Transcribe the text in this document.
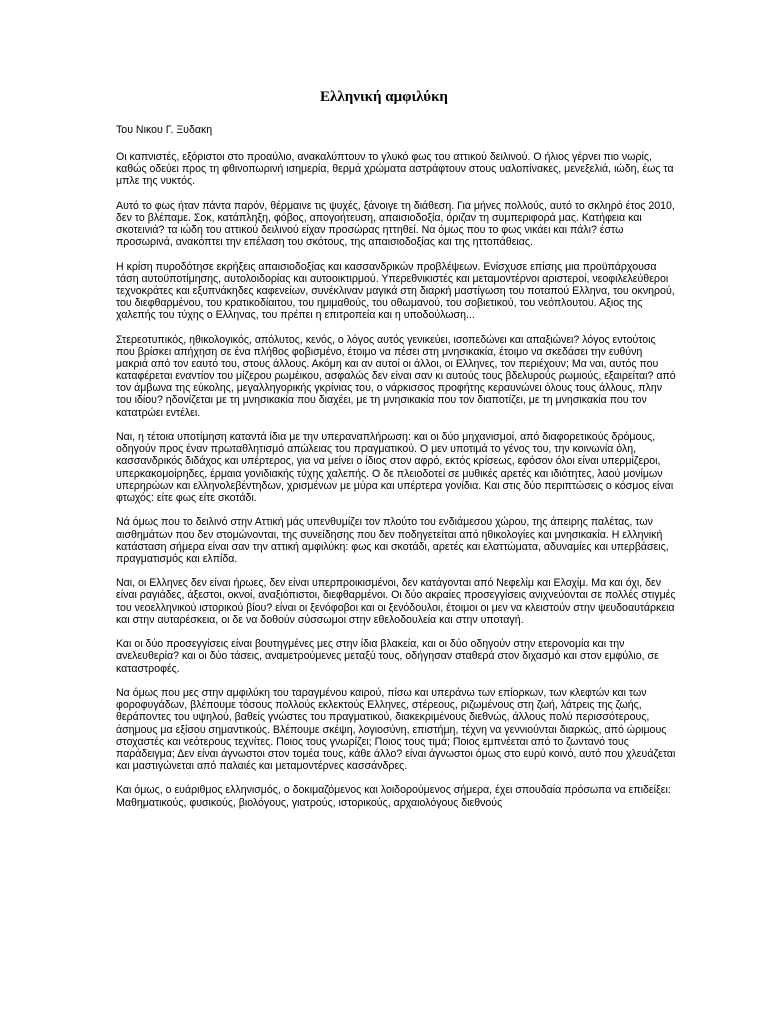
Ελληνική αμφιλύκη

Του Νικου Γ. Ξυδακη

Οι καπνιστές, εξόριστοι στο προαύλιο, ανακαλύπτουν το γλυκό φως του αττικού δειλινού. Ο ήλιος γέρνει πιο νωρίς, καθώς οδεύει προς τη φθινοπωρινή ισημερία, θερμά χρώματα αστράφτουν στους υαλοπίνακες, μενεξελιά, ιώδη, έως τα μπλε της νυκτός.

Αυτό το φως ήταν πάντα παρόν, θέρμαινε τις ψυχές, ξάνοιγε τη διάθεση. Για μήνες πολλούς, αυτό το σκληρό έτος 2010, δεν το βλέπαμε. Σοκ, κατάπληξη, φόβος, απογοήτευση, απαισιοδοξία, όριζαν τη συμπεριφορά μας. Κατήφεια και σκοτεινιά? τα ιώδη του αττικού δειλινού είχαν προσώρας ηττηθεί. Να όμως που το φως νικάει και πάλι? έστω προσωρινά, ανακόπτει την επέλαση του σκότους, της απαισιοδοξίας και της ηττοπάθειας.

Η κρίση πυροδότησε εκρήξεις απαισιοδοξίας και κασσανδρικών προβλέψεων. Ενίσχυσε επίσης μια προϋπάρχουσα τάση αυτοϋποτίμησης, αυτολοιδορίας και αυτοοικτιρμού. Υπερεθνικιστές και μεταμοντέρνοι αριστεροί, νεοφιλελεύθεροι τεχνοκράτες και εξυπνάκηδες καφενείων, συνέκλιναν μαγικά στη διαρκή μαστίγωση του ποταπού Ελληνα, του οκνηρού, του διεφθαρμένου, του κρατικοδίαιτου, του ημιμαθούς, του οθωμανού, του σοβιετικού, του νεόπλουτου. Αξιος της χαλεπής του τύχης ο Ελληνας, του πρέπει η επιτροπεία και η υποδούλωση...

Στερεοτυπικός, ηθικολογικός, απόλυτος, κενός, ο λόγος αυτός γενικεύει, ισοπεδώνει και απαξιώνει? λόγος εντούτοις που βρίσκει απήχηση σε ένα πλήθος φοβισμένο, έτοιμο να πέσει στη μνησικακία, έτοιμο να σκεδάσει την ευθύνη μακριά από τον εαυτό του, στους άλλους. Ακόμη και αν αυτοί οι άλλοι, οι Ελληνες, τον περιέχουν; Μα ναι, αυτός που καταφέρεται εναντίον του μίζερου ρωμέικου, ασφαλώς δεν είναι σαν κι αυτούς τους βδελυρούς ρωμιούς, εξαιρείται? από τον άμβωνα της εύκολης, μεγαλληγορικής γκρίνιας του, ο νάρκισσος προφήτης κεραυνώνει όλους τους άλλους, πλην του ιδίου? ηδονίζεται με τη μνησικακία που διαχέει, με τη μνησικακία που τον διαποτίζει, με τη μνησικακία που τον κατατρώει εντέλει.

Ναι, η τέτοια υποτίμηση καταντά ίδια με την υπεραναπλήρωση: και οι δύο μηχανισμοί, από διαφορετικούς δρόμους, οδηγούν προς έναν πρωταθλητισμό απώλειας του πραγματικού. Ο μεν υποτιμά το γένος του, την κοινωνία όλη, κασσανδρικός διδάχος και υπέρτερος, για να μείνει ο ίδιος στον αφρό, εκτός κρίσεως, εφόσον όλοι είναι υπερμίζεροι, υπερκακομοίρηδες, έρμαια γονιδιακής τύχης χαλεπής. Ο δε πλειοδοτεί σε μυθικές αρετές και ιδιότητες, λαού μονίμων υπερηρώων και ελληνολεβέντηδων, χρισμένων με μύρα και υπέρτερα γονίδια. Και στις δύο περιπτώσεις ο κόσμος είναι φτωχός: είτε φως είτε σκοτάδι.

Νά όμως που το δειλινό στην Αττική μάς υπενθυμίζει τον πλούτο του ενδιάμεσου χώρου, της άπειρης παλέτας, των αισθημάτων που δεν στομώνονται, της συνείδησης που δεν ποδηγετείται από ηθικολογίες και μνησικακία. Η ελληνική κατάσταση σήμερα είναι σαν την αττική αμφιλύκη: φως και σκοτάδι, αρετές και ελαττώματα, αδυναμίες και υπερβάσεις, πραγματισμός και ελπίδα.

Ναι, οι Ελληνες δεν είναι ήρωες, δεν είναι υπερπροικισμένοι, δεν κατάγονται από Νεφελίμ και Ελοχίμ. Μα και όχι, δεν είναι ραγιάδες, άξεστοι, οκνοί, αναξιόπιστοι, διεφθαρμένοι. Οι δύο ακραίες προσεγγίσεις ανιχνεύονται σε πολλές στιγμές του νεοελληνικού ιστορικού βίου? είναι οι ξενόφοβοι και οι ξενόδουλοι, έτοιμοι οι μεν να κλειστούν στην ψευδοαυτάρκεια και στην αυταρέσκεια, οι δε να δοθούν σύσσωμοι στην εθελοδουλεία και στην υποταγή.

Και οι δύο προσεγγίσεις είναι βουτηγμένες μες στην ίδια βλακεία, και οι δύο οδηγούν στην ετερονομία και την ανελευθερία? και οι δύο τάσεις, αναμετρούμενες μεταξύ τους, οδήγησαν σταθερά στον διχασμό και στον εμφύλιο, σε καταστροφές.

Να όμως που μες στην αμφιλύκη του ταραγμένου καιρού, πίσω και υπεράνω των επίορκων, των κλεφτών και των φοροφυγάδων, βλέπουμε τόσους πολλούς εκλεκτούς Ελληνες, στέρεους, ριζωμένους στη ζωή, λάτρεις της ζωής, θεράποντες του υψηλού, βαθείς γνώστες του πραγματικού, διακεκριμένους διεθνώς, άλλους πολύ περισσότερους, άσημους μα εξίσου σημαντικούς. Βλέπουμε σκέψη, λογιοσύνη, επιστήμη, τέχνη να γεννιούνται διαρκώς, από ώριμους στοχαστές και νεότερους τεχνίτες. Ποιος τους γνωρίζει; Ποιος τους τιμά; Ποιος εμπνέεται από το ζωντανό τους παράδειγμα; Δεν είναι άγνωστοι στον τομέα τους, κάθε άλλο? είναι άγνωστοι όμως στο ευρύ κοινό, αυτό που χλευάζεται και μαστιγώνεται από παλαιές και μεταμοντέρνες κασσάνδρες.

Και όμως, ο ευάριθμος ελληνισμός, ο δοκιμαζόμενος και λοιδορούμενος σήμερα, έχει σπουδαία πρόσωπα να επιδείξει: Μαθηματικούς, φυσικούς, βιολόγους, γιατρούς, ιστορικούς, αρχαιολόγους διεθνούς
